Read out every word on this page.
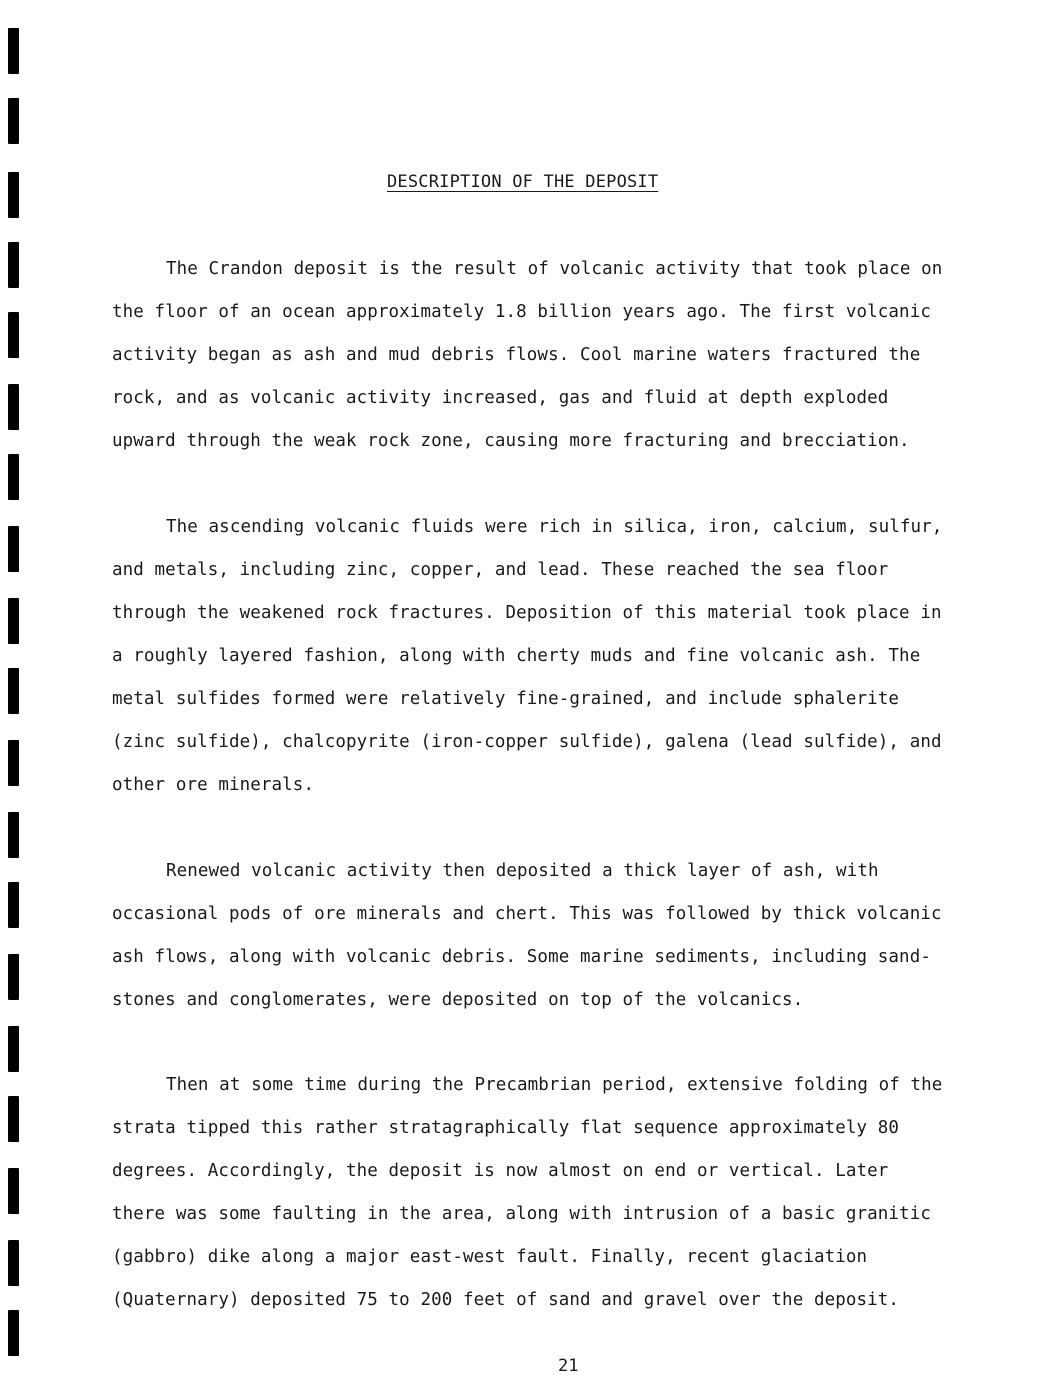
DESCRIPTION OF THE DEPOSIT

The Crandon deposit is the result of volcanic activity that took place on
the floor of an ocean approximately 1.8 billion years ago. The first volcanic
activity began as ash and mud debris flows. Cool marine waters fractured the
rock, and as volcanic activity increased, gas and fluid at depth exploded
upward through the weak rock zone, causing more fracturing and brecciation.

The ascending volcanic fluids were rich in silica, iron, calcium, sulfur,
and metals, including zinc, copper, and lead. These reached the sea floor
through the weakened rock fractures. Deposition of this material took place in
a roughly layered fashion, along with cherty muds and fine volcanic ash. The
metal sulfides formed were relatively fine-grained, and include sphalerite
(zinc sulfide), chalcopyrite (iron-copper sulfide), galena (lead sulfide), and
other ore minerals.

Renewed volcanic activity then deposited a thick layer of ash, with
occasional pods of ore minerals and chert. This was followed by thick volcanic
ash flows, along with volcanic debris. Some marine sediments, including sand-
stones and conglomerates, were deposited on top of the volcanics.

Then at some time during the Precambrian period, extensive folding of the
strata tipped this rather stratagraphically flat sequence approximately 80
degrees. Accordingly, the deposit is now almost on end or vertical. Later
there was some faulting in the area, along with intrusion of a basic granitic
(gabbro) dike along a major east-west fault. Finally, recent glaciation
(Quaternary) deposited 75 to 200 feet of sand and gravel over the deposit.

21
